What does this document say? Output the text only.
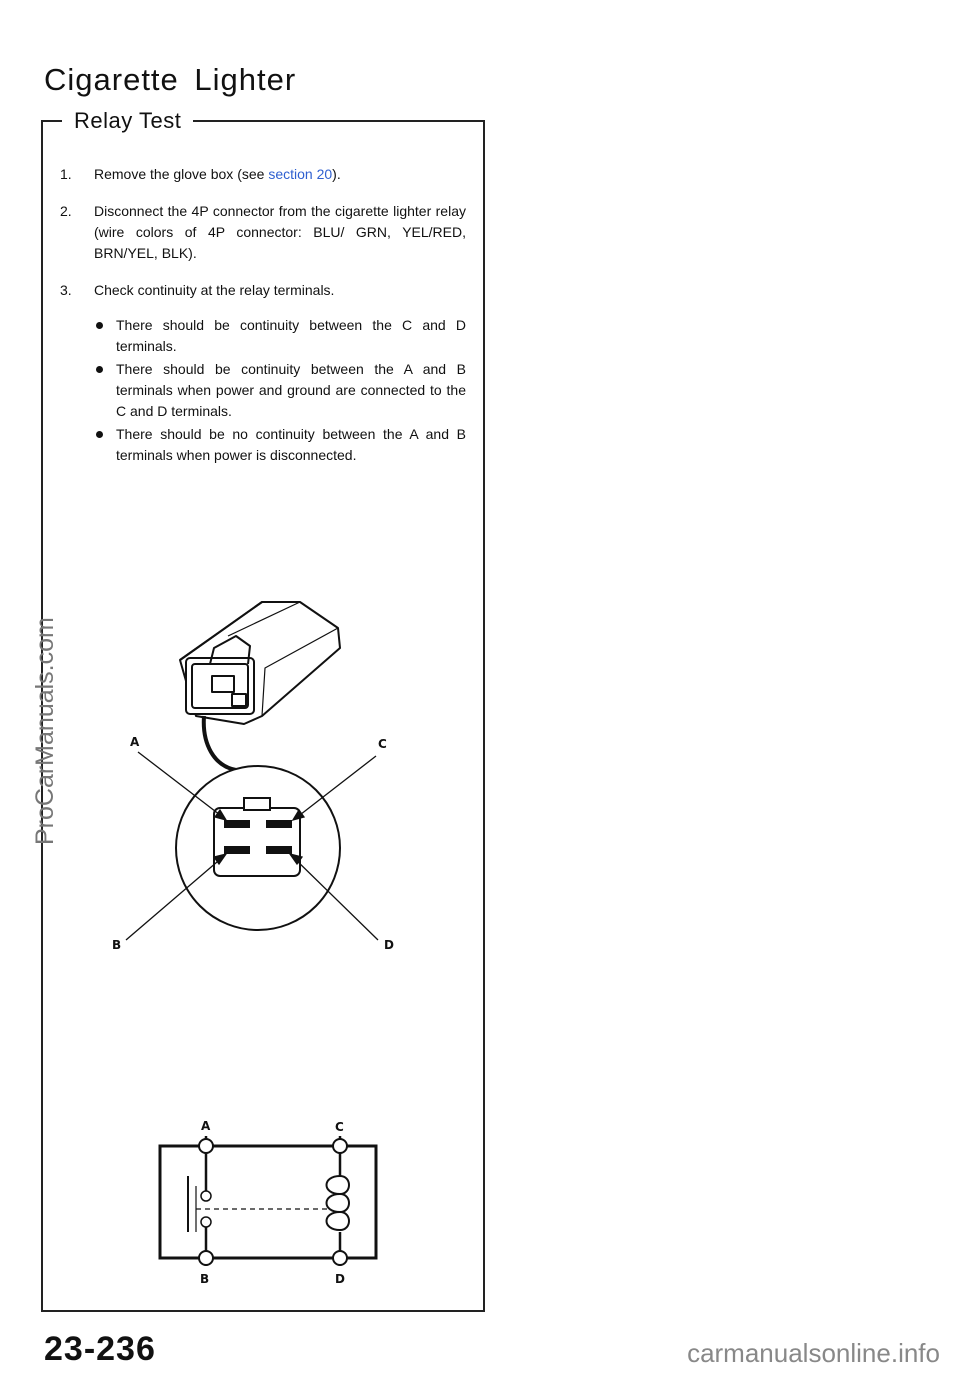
Cigarette Lighter
Relay Test
1.	Remove the glove box (see section 20).
2.	Disconnect the 4P connector from the cigarette lighter relay (wire colors of 4P connector: BLU/ GRN, YEL/RED, BRN/YEL, BLK).
3.	Check continuity at the relay terminals.
There should be continuity between the C and D terminals.
There should be continuity between the A and B terminals when power and ground are connected to the C and D terminals.
There should be no continuity between the A and B terminals when power is disconnected.
A	C
B	D
A	C
B	D
ProCarManuals.com
23-236	carmanualsonline.info
